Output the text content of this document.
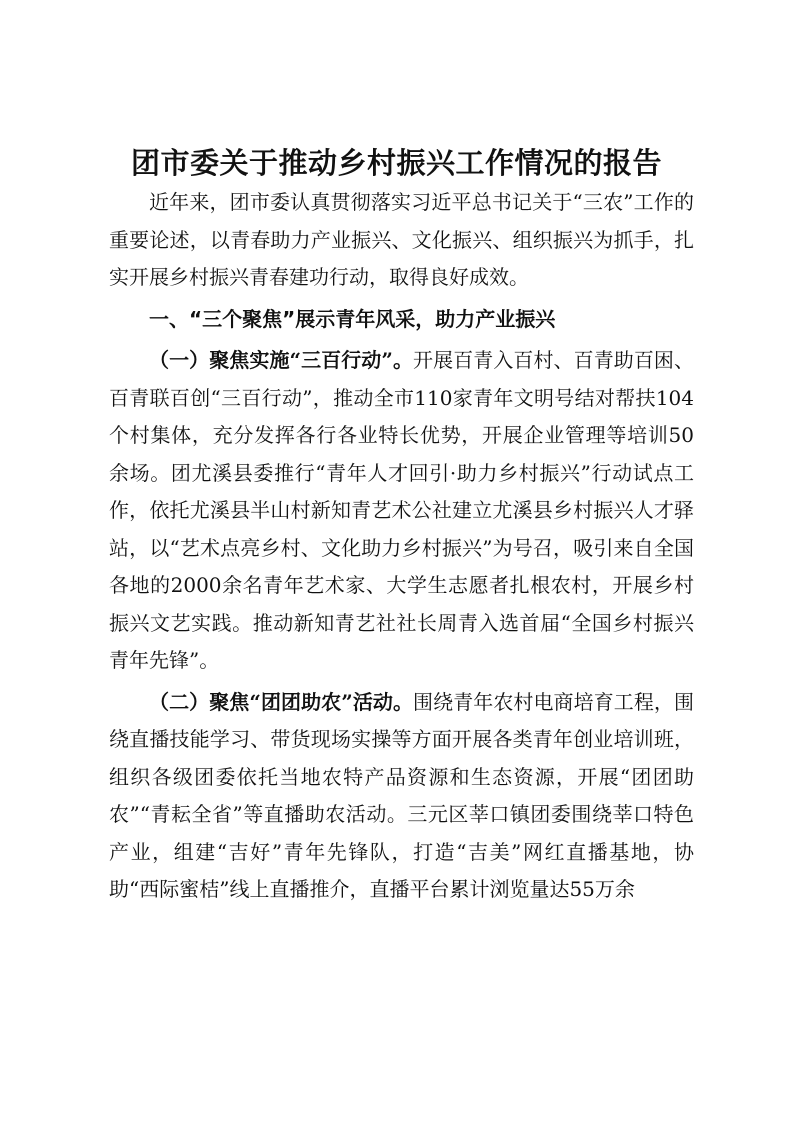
团市委关于推动乡村振兴工作情况的报告

近年来，团市委认真贯彻落实习近平总书记关于“三农”工作的重要论述，以青春助力产业振兴、文化振兴、组织振兴为抓手，扎实开展乡村振兴青春建功行动，取得良好成效。

一、“三个聚焦”展示青年风采，助力产业振兴

（一）聚焦实施“三百行动”。开展百青入百村、百青助百困、百青联百创“三百行动”，推动全市110家青年文明号结对帮扶104个村集体，充分发挥各行各业特长优势，开展企业管理等培训50余场。团尤溪县委推行“青年人才回引·助力乡村振兴”行动试点工作，依托尤溪县半山村新知青艺术公社建立尤溪县乡村振兴人才驿站，以“艺术点亮乡村、文化助力乡村振兴”为号召，吸引来自全国各地的2000余名青年艺术家、大学生志愿者扎根农村，开展乡村振兴文艺实践。推动新知青艺社社长周青入选首届“全国乡村振兴青年先锋”。

（二）聚焦“团团助农”活动。围绕青年农村电商培育工程，围绕直播技能学习、带货现场实操等方面开展各类青年创业培训班，组织各级团委依托当地农特产品资源和生态资源，开展“团团助农”“青耘全省”等直播助农活动。三元区莘口镇团委围绕莘口特色产业，组建“吉好”青年先锋队，打造“吉美”网红直播基地，协助“西际蜜桔”线上直播推介，直播平台累计浏览量达55万余
